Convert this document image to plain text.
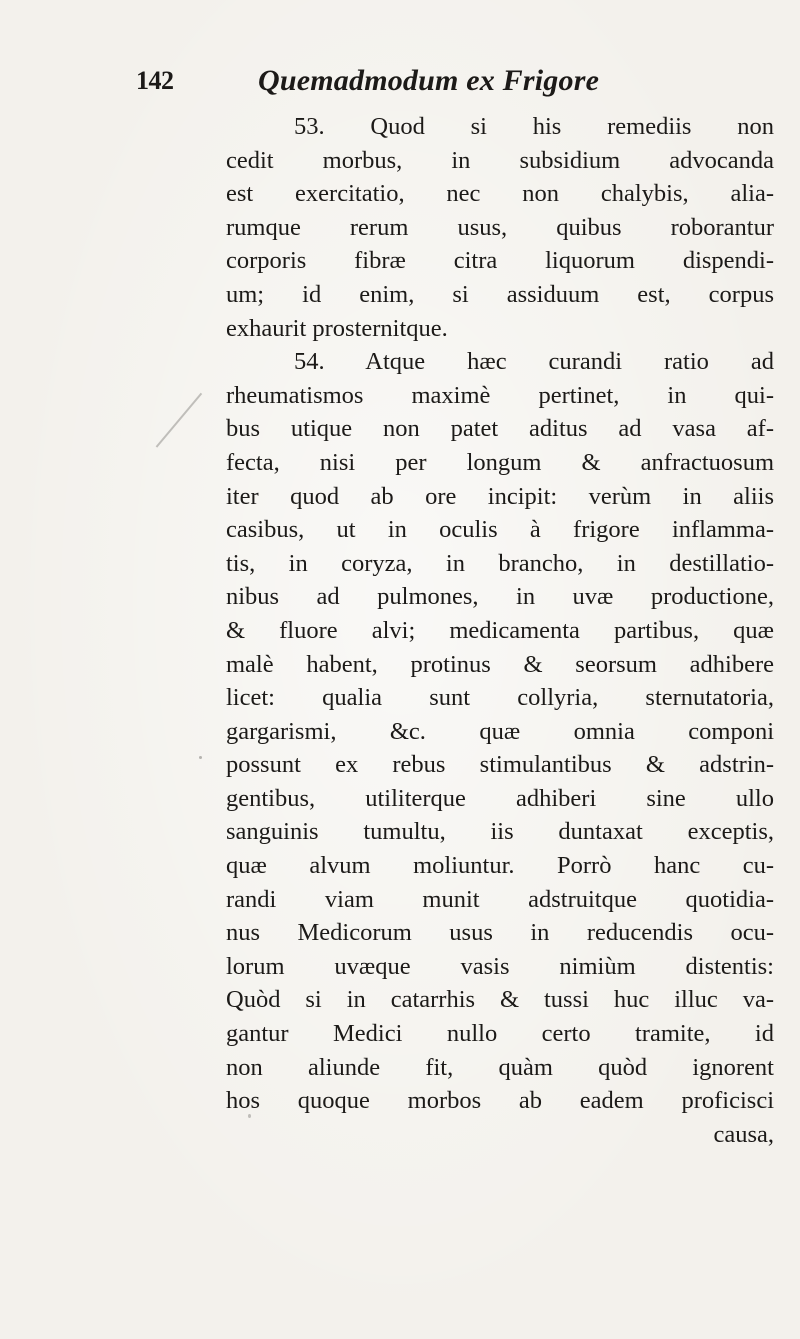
142	Quemadmodum ex Frigore
53. Quod si his remediis non
cedit morbus, in subsidium advocanda
est exercitatio, nec non chalybis, alia-
rumque rerum usus, quibus roborantur
corporis fibræ citra liquorum dispendi-
um; id enim, si assiduum est, corpus
exhaurit prosternitque.
54. Atque hæc curandi ratio ad
rheumatismos maximè pertinet, in qui-
bus utique non patet aditus ad vasa af-
fecta, nisi per longum & anfractuosum
iter quod ab ore incipit: verùm in aliis
casibus, ut in oculis à frigore inflamma-
tis, in coryza, in brancho, in destillatio-
nibus ad pulmones, in uvæ productione,
& fluore alvi; medicamenta partibus, quæ
malè habent, protinus & seorsum adhibere
licet: qualia sunt collyria, sternutatoria,
gargarismi, &c. quæ omnia componi
possunt ex rebus stimulantibus & adstrin-
gentibus, utiliterque adhiberi sine ullo
sanguinis tumultu, iis duntaxat exceptis,
quæ alvum moliuntur. Porrò hanc cu-
randi viam munit adstruitque quotidia-
nus Medicorum usus in reducendis ocu-
lorum uvæque vasis nimiùm distentis:
Quòd si in catarrhis & tussi huc illuc va-
gantur Medici nullo certo tramite, id
non aliunde fit, quàm quòd ignorent
hos quoque morbos ab eadem proficisci
causa,
